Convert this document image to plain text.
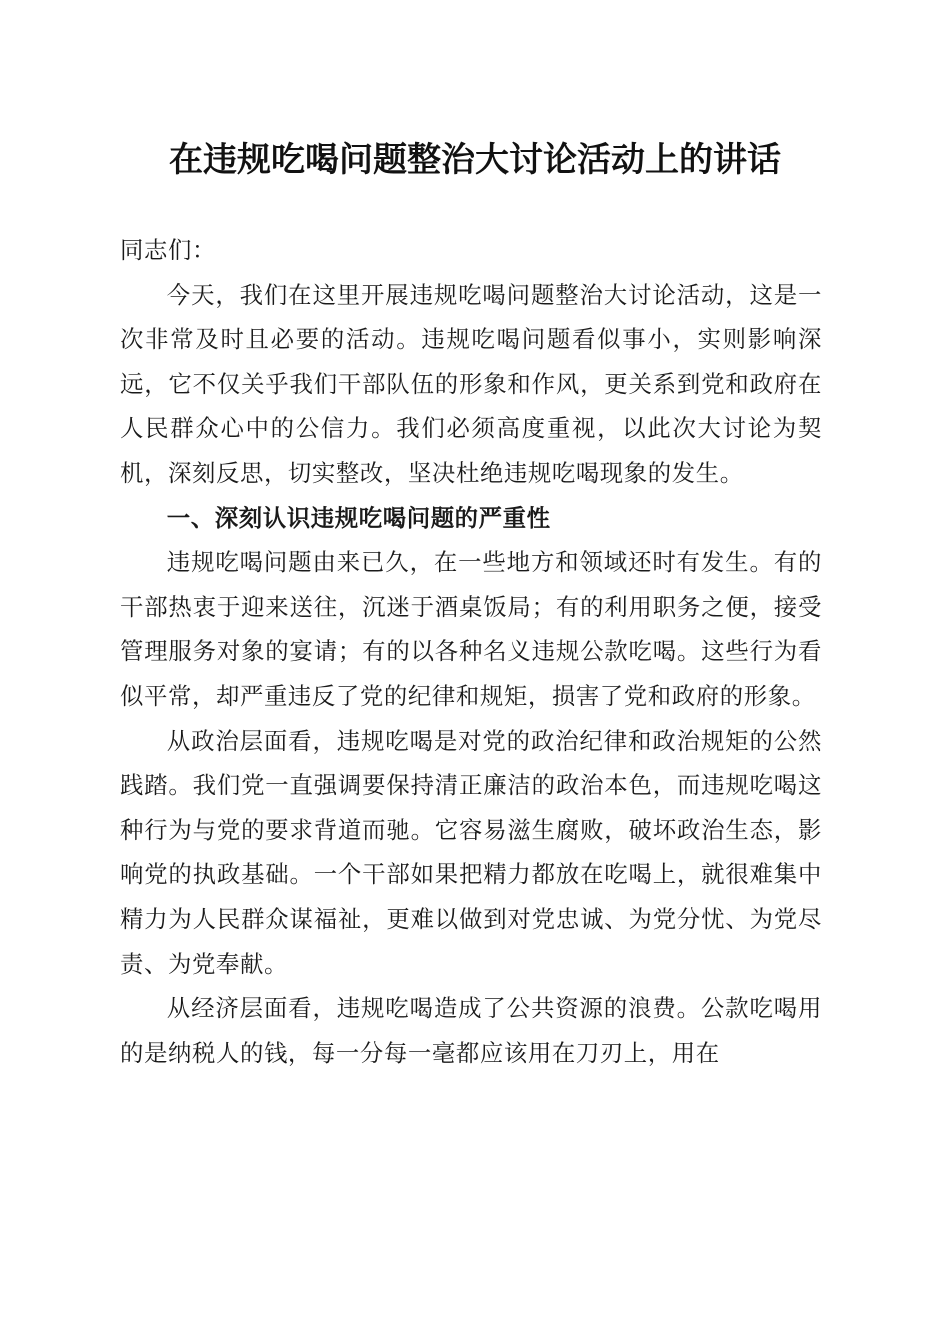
在违规吃喝问题整治大讨论活动上的讲话

同志们：

今天，我们在这里开展违规吃喝问题整治大讨论活动，这是一次非常及时且必要的活动。违规吃喝问题看似事小，实则影响深远，它不仅关乎我们干部队伍的形象和作风，更关系到党和政府在人民群众心中的公信力。我们必须高度重视，以此次大讨论为契机，深刻反思，切实整改，坚决杜绝违规吃喝现象的发生。

一、深刻认识违规吃喝问题的严重性

违规吃喝问题由来已久，在一些地方和领域还时有发生。有的干部热衷于迎来送往，沉迷于酒桌饭局；有的利用职务之便，接受管理服务对象的宴请；有的以各种名义违规公款吃喝。这些行为看似平常，却严重违反了党的纪律和规矩，损害了党和政府的形象。

从政治层面看，违规吃喝是对党的政治纪律和政治规矩的公然践踏。我们党一直强调要保持清正廉洁的政治本色，而违规吃喝这种行为与党的要求背道而驰。它容易滋生腐败，破坏政治生态，影响党的执政基础。一个干部如果把精力都放在吃喝上，就很难集中精力为人民群众谋福祉，更难以做到对党忠诚、为党分忧、为党尽责、为党奉献。

从经济层面看，违规吃喝造成了公共资源的浪费。公款吃喝用的是纳税人的钱，每一分每一毫都应该用在刀刃上，用在
